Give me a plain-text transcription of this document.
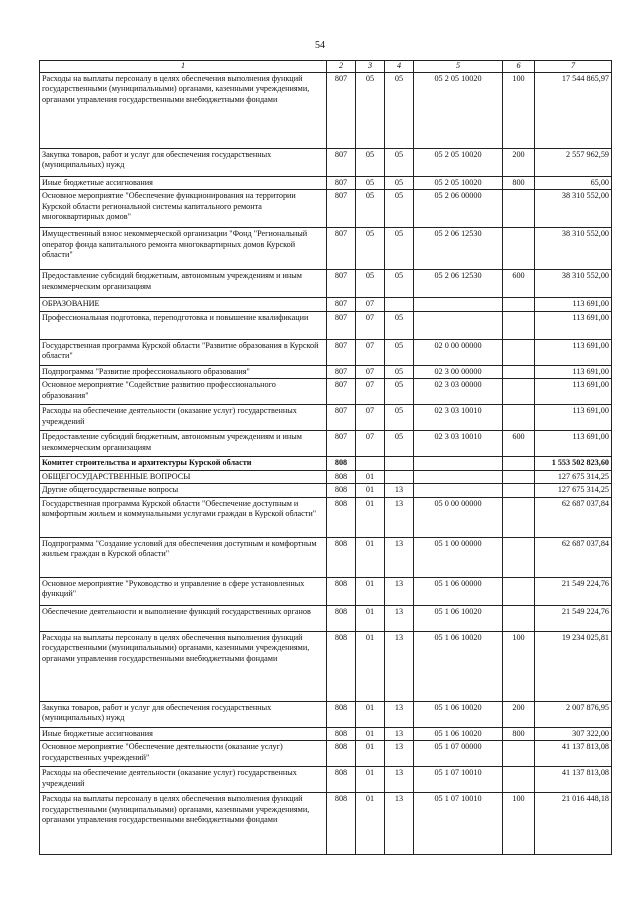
54
1	2	3	4	5	6	7
Расходы на выплаты персоналу в целях обеспечения выполнения функций государственными (муниципальными) органами, казенными учреждениями, органами управления государственными внебюджетными фондами	807	05	05	05 2 05 10020	100	17 544 865,97
Закупка товаров, работ и услуг для обеспечения государственных (муниципальных) нужд	807	05	05	05 2 05 10020	200	2 557 962,59
Иные бюджетные ассигнования	807	05	05	05 2 05 10020	800	65,00
Основное мероприятие "Обеспечение функционирования на территории Курской области региональной системы капитального ремонта многоквартирных домов"	807	05	05	05 2 06 00000		38 310 552,00
Имущественный взнос некоммерческой организации "Фонд "Региональный оператор фонда капитального ремонта многоквартирных домов Курской области"	807	05	05	05 2 06 12530		38 310 552,00
Предоставление субсидий бюджетным, автономным учреждениям и иным некоммерческим организациям	807	05	05	05 2 06 12530	600	38 310 552,00
ОБРАЗОВАНИЕ	807	07				113 691,00
Профессиональная подготовка, переподготовка и повышение квалификации	807	07	05			113 691,00
Государственная программа Курской области "Развитие образования в Курской области"	807	07	05	02 0 00 00000		113 691,00
Подпрограмма "Развитие профессионального образования"	807	07	05	02 3 00 00000		113 691,00
Основное мероприятие "Содействие развитию профессионального образования"	807	07	05	02 3 03 00000		113 691,00
Расходы на обеспечение деятельности (оказание услуг) государственных учреждений	807	07	05	02 3 03 10010		113 691,00
Предоставление субсидий бюджетным, автономным учреждениям и иным некоммерческим организациям	807	07	05	02 3 03 10010	600	113 691,00
Комитет строительства и архитектуры Курской области	808					1 553 502 823,60
ОБЩЕГОСУДАРСТВЕННЫЕ ВОПРОСЫ	808	01				127 675 314,25
Другие общегосударственные вопросы	808	01	13			127 675 314,25
Государственная программа Курской области "Обеспечение доступным и комфортным жильем и коммунальными услугами граждан в Курской области"	808	01	13	05 0 00 00000		62 687 037,84
Подпрограмма "Создание условий для обеспечения доступным и комфортным жильем граждан в Курской области"	808	01	13	05 1 00 00000		62 687 037,84
Основное мероприятие "Руководство и управление в сфере установленных функций"	808	01	13	05 1 06 00000		21 549 224,76
Обеспечение деятельности и выполнение функций государственных органов	808	01	13	05 1 06 10020		21 549 224,76
Расходы на выплаты персоналу в целях обеспечения выполнения функций государственными (муниципальными) органами, казенными учреждениями, органами управления государственными внебюджетными фондами	808	01	13	05 1 06 10020	100	19 234 025,81
Закупка товаров, работ и услуг для обеспечения государственных (муниципальных) нужд	808	01	13	05 1 06 10020	200	2 007 876,95
Иные бюджетные ассигнования	808	01	13	05 1 06 10020	800	307 322,00
Основное мероприятие "Обеспечение деятельности (оказание услуг) государственных учреждений"	808	01	13	05 1 07 00000		41 137 813,08
Расходы на обеспечение деятельности (оказание услуг) государственных учреждений	808	01	13	05 1 07 10010		41 137 813,08
Расходы на выплаты персоналу в целях обеспечения выполнения функций государственными (муниципальными) органами, казенными учреждениями, органами управления государственными внебюджетными фондами	808	01	13	05 1 07 10010	100	21 016 448,18
